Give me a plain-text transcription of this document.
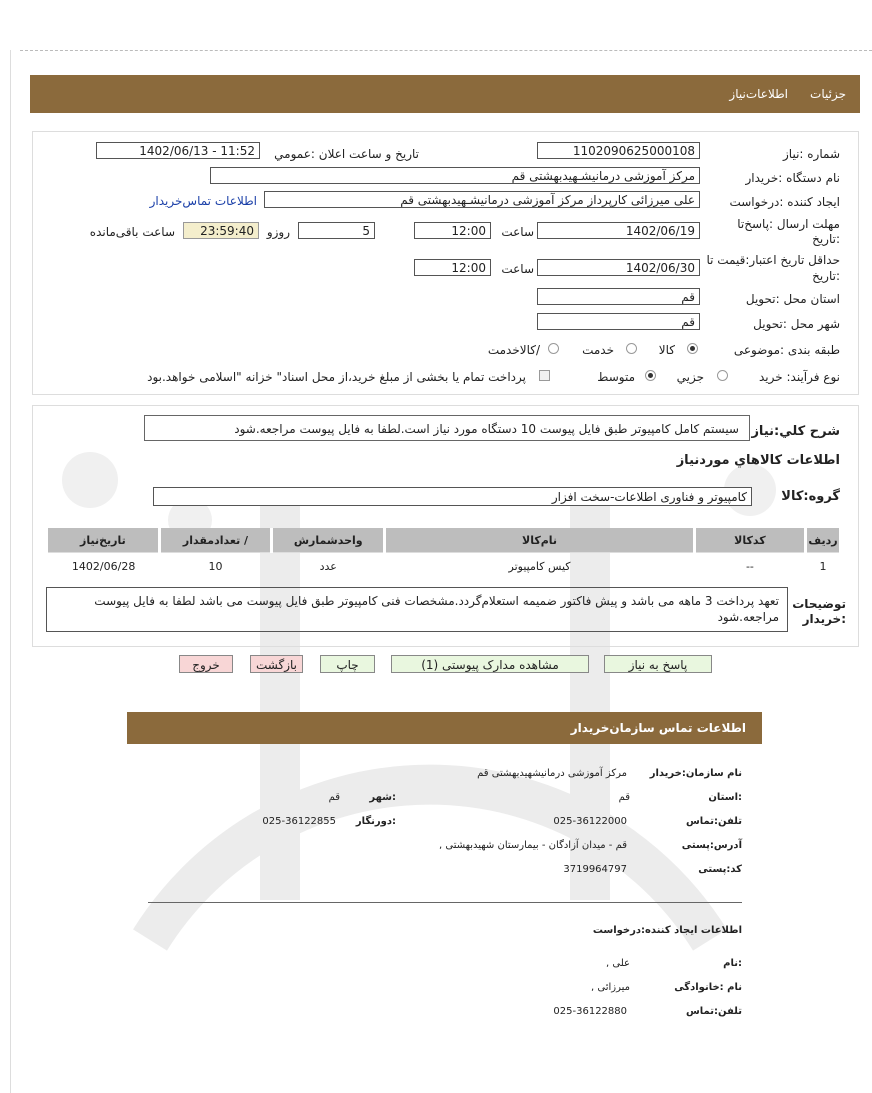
جزئیات
اطلاعات‌نیاز
شماره :نیاز
1102090625000108
تاریخ و ساعت اعلان :عمومي
1402/06/13 - 11:52
نام دستگاه :خریدار
مرکز آموزشی درمانیشـهیدبهشتی قم
ایجاد کننده :درخواست
علی میرزائی کارپرداز مرکز آموزشی درمانیشـهیدبهشتی قم
اطلاعات تماس‌خریدار
مهلت ارسال :پاسخ‌تا :تاریخ
1402/06/19
ساعت
12:00
5
روزو
23:59:40
ساعت باقی‌مانده
حداقل تاریخ اعتبار:قیمت تا :تاریخ
1402/06/30
ساعت
12:00
استان محل :تحویل
قم
شهر محل :تحویل
قم
طبقه بندی :موضوعی
کالا
خدمت
/کالاخدمت
نوع فرآیند: خرید
جزیي
متوسط
پرداخت تمام یا بخشی از مبلغ خرید،از محل اسناد" خزانه "اسلامی خواهد.بود
شرح کلي:نیاز
سیستم کامل کامپیوتر طبق فایل پیوست 10 دستگاه مورد نیاز است.لطفا به فایل پیوست مراجعه.شود
اطلاعات کالاهاي موردنیاز
گروه:کالا
کامپیوتر و فناوری اطلاعات-سخت افزار
ردیف	کدکالا	نام‌کالا	واحدشمارش	/ تعدادمقدار	تاریخ‌نیاز
1	--	کیس کامپیوتر	عدد	10	1402/06/28
توضیحات :خریدار
تعهد پرداخت 3 ماهه می باشد و پیش فاکتور ضمیمه استعلام‌گردد.مشخصات فنی کامپیوتر طبق فایل پیوست می باشد لطفا به فایل پیوست مراجعه.شود
پاسخ به نیاز
مشاهده مدارک پیوستی (1)
چاپ
بازگشت
خروج
اطلاعات تماس سازمان‌خریدار
نام سازمان:خریدار
مرکز آموزشی درمانیشهیدبهشتی قم
:استان
قم
:شهر
قم
تلفن:تماس
025-36122000
:دورنگار
025-36122855
آدرس:پستی
قم - میدان آزادگان - بیمارستان شهیدبهشتی ,
کد:پستی
3719964797
اطلاعات ایجاد کننده:درخواست
:نام
علی ,
نام :خانوادگی
میرزائی ,
تلفن:تماس
025-36122880
